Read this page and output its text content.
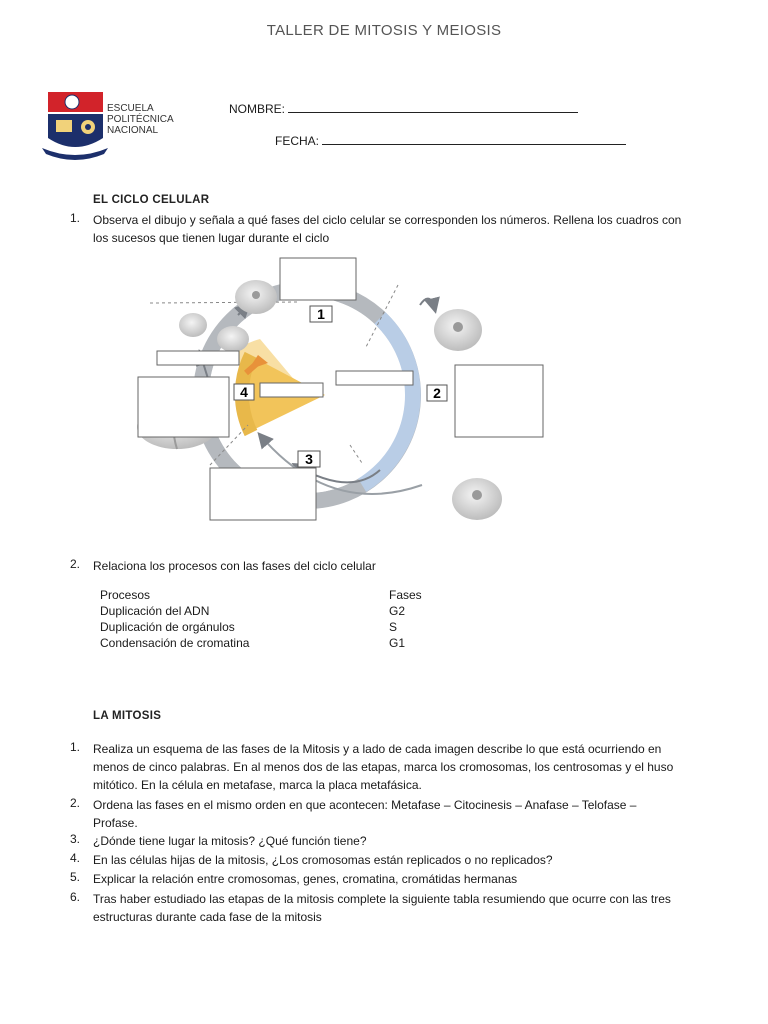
TALLER DE MITOSIS Y MEIOSIS
ESCUELA
POLITÉCNICA
NACIONAL
NOMBRE:
FECHA:
EL CICLO CELULAR
1. Observa el dibujo y señala a qué fases del ciclo celular se corresponden los números. Rellena los cuadros con
los sucesos que tienen lugar durante el ciclo
1
2
3
4
2. Relaciona los procesos con las fases del ciclo celular
Procesos	Fases
Duplicación del ADN	G2
Duplicación de orgánulos	S
Condensación de cromatina	G1
LA MITOSIS
1. Realiza un esquema de las fases de la Mitosis y a lado de cada imagen describe lo que está ocurriendo en
menos de cinco palabras. En al menos dos de las etapas, marca los cromosomas, los centrosomas y el huso
mitótico. En la célula en metafase, marca la placa metafásica.
2. Ordena las fases en el mismo orden en que acontecen: Metafase – Citocinesis – Anafase – Telofase –
Profase.
3. ¿Dónde tiene lugar la mitosis? ¿Qué función tiene?
4. En las células hijas de la mitosis, ¿Los cromosomas están replicados o no replicados?
5. Explicar la relación entre cromosomas, genes, cromatina, cromátidas hermanas
6. Tras haber estudiado las etapas de la mitosis complete la siguiente tabla resumiendo que ocurre con las tres
estructuras durante cada fase de la mitosis
